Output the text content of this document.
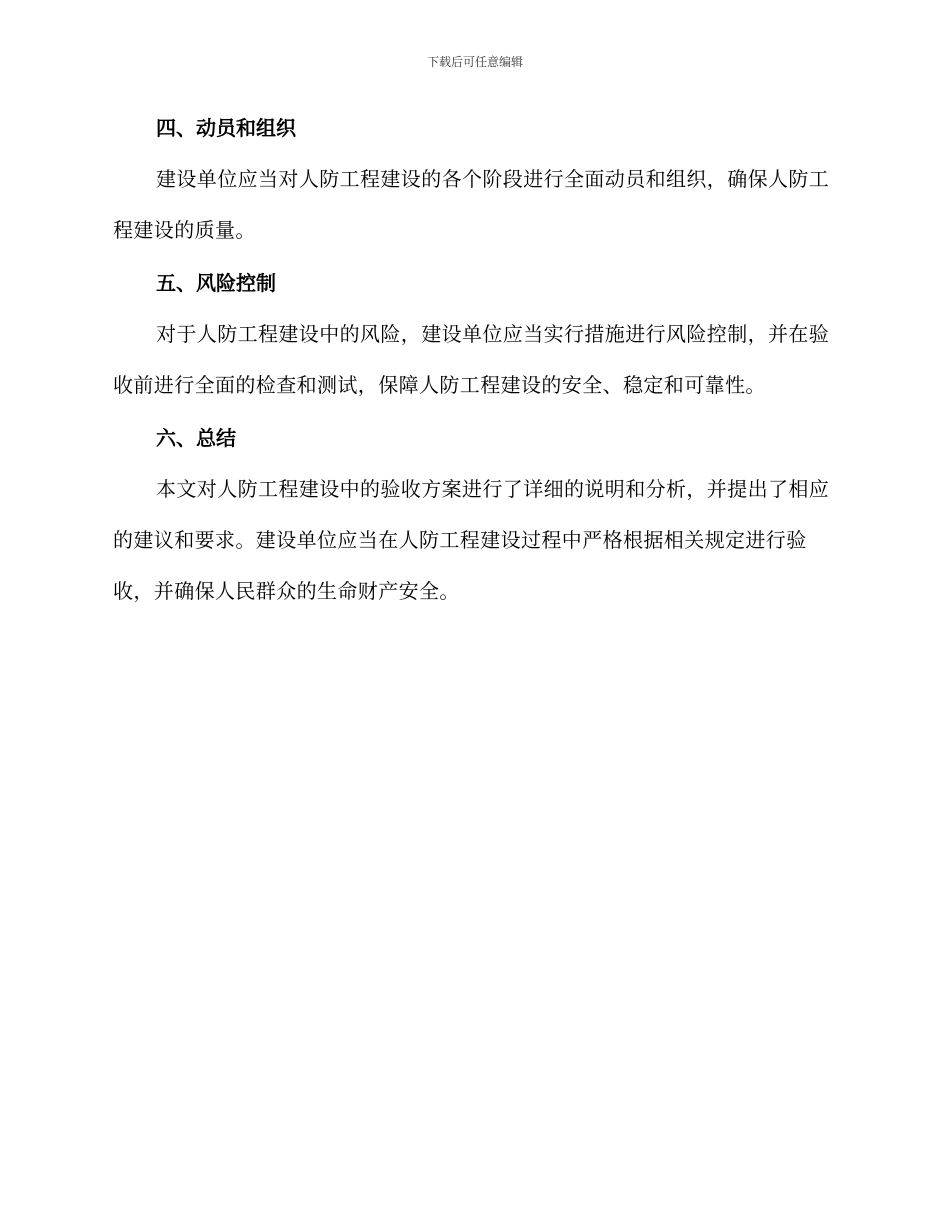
下载后可任意编辑
四、动员和组织

建设单位应当对人防工程建设的各个阶段进行全面动员和组织，确保人防工程建设的质量。

五、风险控制

对于人防工程建设中的风险，建设单位应当实行措施进行风险控制，并在验收前进行全面的检查和测试，保障人防工程建设的安全、稳定和可靠性。

六、总结

本文对人防工程建设中的验收方案进行了详细的说明和分析，并提出了相应的建议和要求。建设单位应当在人防工程建设过程中严格根据相关规定进行验收，并确保人民群众的生命财产安全。
